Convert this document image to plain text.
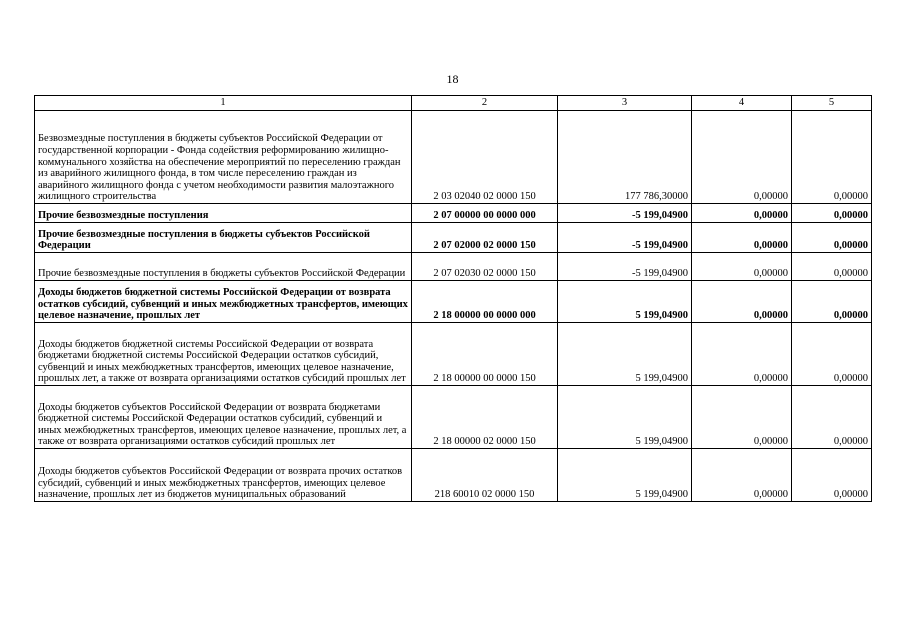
18
1	2	3	4	5
Безвозмездные поступления в бюджеты субъектов Российской Федерации от государственной корпорации - Фонда содействия реформированию жилищно-коммунального хозяйства на обеспечение мероприятий по переселению граждан из аварийного жилищного фонда, в том числе переселению граждан из аварийного жилищного фонда с учетом необходимости развития малоэтажного жилищного строительства	2 03 02040 02 0000 150	177 786,30000	0,00000	0,00000
Прочие безвозмездные поступления	2 07 00000 00 0000 000	-5 199,04900	0,00000	0,00000
Прочие безвозмездные поступления в бюджеты субъектов Российской Федерации	2 07 02000 02 0000 150	-5 199,04900	0,00000	0,00000
Прочие безвозмездные поступления в бюджеты субъектов Российской Федерации	2 07 02030 02 0000 150	-5 199,04900	0,00000	0,00000
Доходы бюджетов бюджетной системы Российской Федерации от возврата остатков субсидий, субвенций и иных межбюджетных трансфертов, имеющих целевое назначение, прошлых лет	2 18 00000 00 0000 000	5 199,04900	0,00000	0,00000
Доходы бюджетов бюджетной системы Российской Федерации от возврата бюджетами бюджетной системы Российской Федерации остатков субсидий, субвенций и иных межбюджетных трансфертов, имеющих целевое назначение, прошлых лет, а также от возврата организациями остатков субсидий прошлых лет	2 18 00000 00 0000 150	5 199,04900	0,00000	0,00000
Доходы бюджетов субъектов Российской Федерации от возврата бюджетами бюджетной системы Российской Федерации остатков субсидий, субвенций и иных межбюджетных трансфертов, имеющих целевое назначение, прошлых лет, а также от возврата организациями остатков субсидий прошлых лет	2 18 00000 02 0000 150	5 199,04900	0,00000	0,00000
Доходы бюджетов субъектов Российской Федерации от возврата прочих остатков субсидий, субвенций и иных межбюджетных трансфертов, имеющих целевое назначение, прошлых лет из бюджетов муниципальных образований	218 60010 02 0000 150	5 199,04900	0,00000	0,00000
